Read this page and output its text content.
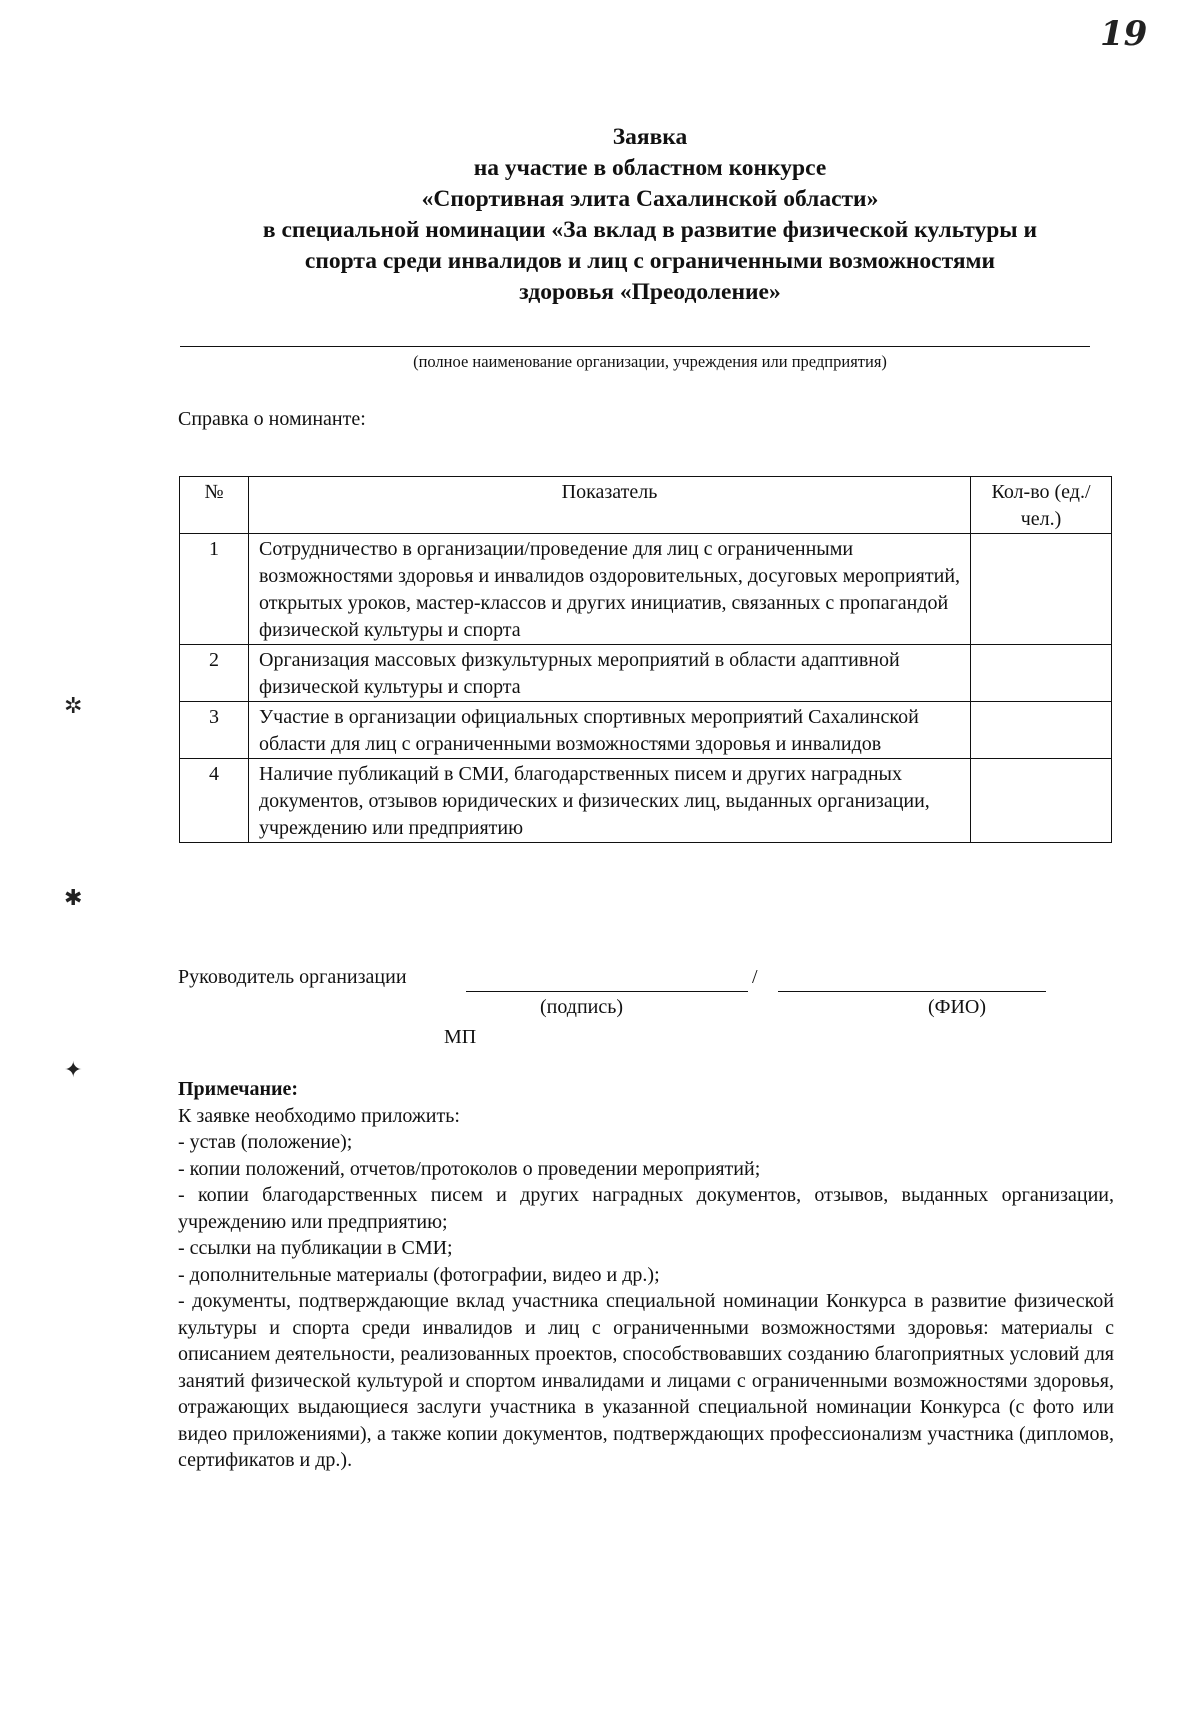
19
Заявка
на участие в областном конкурсе
«Спортивная элита Сахалинской области»
в специальной номинации «За вклад в развитие физической культуры и
спорта среди инвалидов и лиц с ограниченными возможностями
здоровья «Преодоление»
(полное наименование организации, учреждения или предприятия)
Справка о номинанте:
№	Показатель	Кол-во (ед./чел.)
1	Сотрудничество в организации/проведение для лиц с ограниченными возможностями здоровья и инвалидов оздоровительных, досуговых мероприятий, открытых уроков, мастер-классов и других инициатив, связанных с пропагандой физической культуры и спорта	
2	Организация массовых физкультурных мероприятий в области адаптивной физической культуры и спорта	
3	Участие в организации официальных спортивных мероприятий Сахалинской области для лиц с ограниченными возможностями здоровья и инвалидов	
4	Наличие публикаций в СМИ, благодарственных писем и других наградных документов, отзывов юридических и физических лиц, выданных организации, учреждению или предприятию	
Руководитель организации	/
(подпись)	(ФИО)
МП

Примечание:

К заявке необходимо приложить:

- устав (положение);

- копии положений, отчетов/протоколов о проведении мероприятий;

- копии благодарственных писем и других наградных документов, отзывов, выданных организации, учреждению или предприятию;

- ссылки на публикации в СМИ;

- дополнительные материалы (фотографии, видео и др.);

- документы, подтверждающие вклад участника специальной номинации Конкурса в развитие физической культуры и спорта среди инвалидов и лиц с ограниченными возможностями здоровья: материалы с описанием деятельности, реализованных проектов, способствовавших созданию благоприятных условий для занятий физической культурой и спортом инвалидами и лицами с ограниченными возможностями здоровья, отражающих выдающиеся заслуги участника в указанной специальной номинации Конкурса (с фото или видео приложениями), а также копии документов, подтверждающих профессионализм участника (дипломов, сертификатов и др.).

✲
✱
✦
